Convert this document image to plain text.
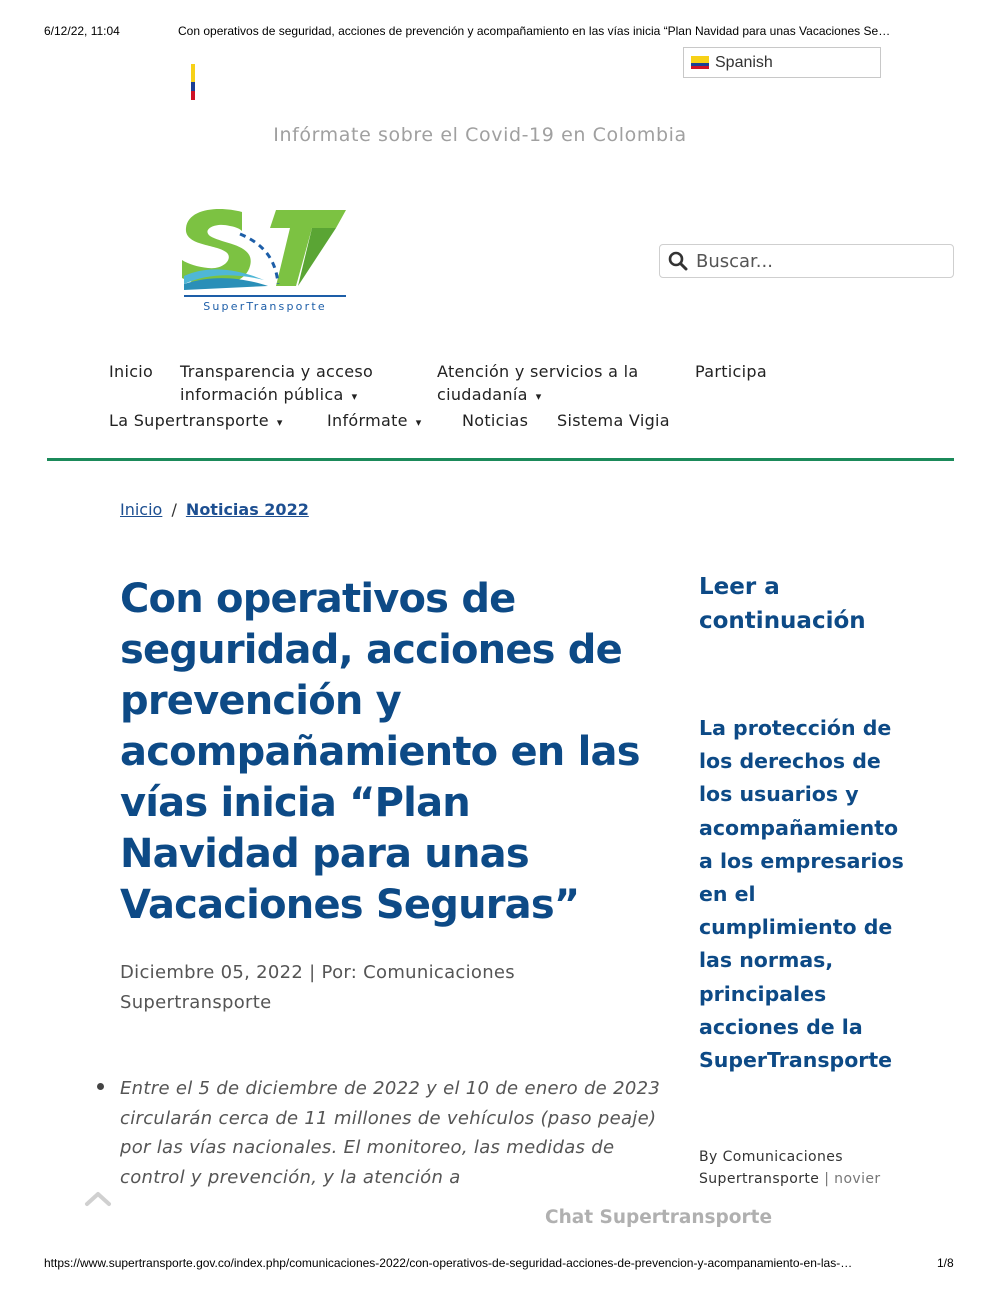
6/12/22, 11:04	Con operativos de seguridad, acciones de prevención y acompañamiento en las vías inicia “Plan Navidad para unas Vacaciones Se…
Spanish
Infórmate sobre el Covid-19 en Colombia
SuperTransporte
Buscar...
Inicio Transparencia y acceso
información pública ▾
Atención y servicios a la
ciudadanía ▾
Participa
La Supertransporte ▾	Infórmate ▾	Noticias Sistema Vigia
Inicio / Noticias 2022
Con operativos de seguridad, acciones de prevención y acompañamiento en las vías inicia “Plan Navidad para unas Vacaciones Seguras”
Diciembre 05, 2022 | Por: Comunicaciones Supertransporte
Entre el 5 de diciembre de 2022 y el 10 de enero de 2023 circularán cerca de 11 millones de vehículos (paso peaje) por las vías nacionales. El monitoreo, las medidas de control y prevención, y la atención a
Leer a continuación
La protección de los derechos de los usuarios y acompañamiento a los empresarios en el cumplimiento de las normas, principales acciones de la SuperTransporte
By Comunicaciones Supertransporte | novier
Chat Supertransporte
https://www.supertransporte.gov.co/index.php/comunicaciones-2022/con-operativos-de-seguridad-acciones-de-prevencion-y-acompanamiento-en-las-…	1/8
